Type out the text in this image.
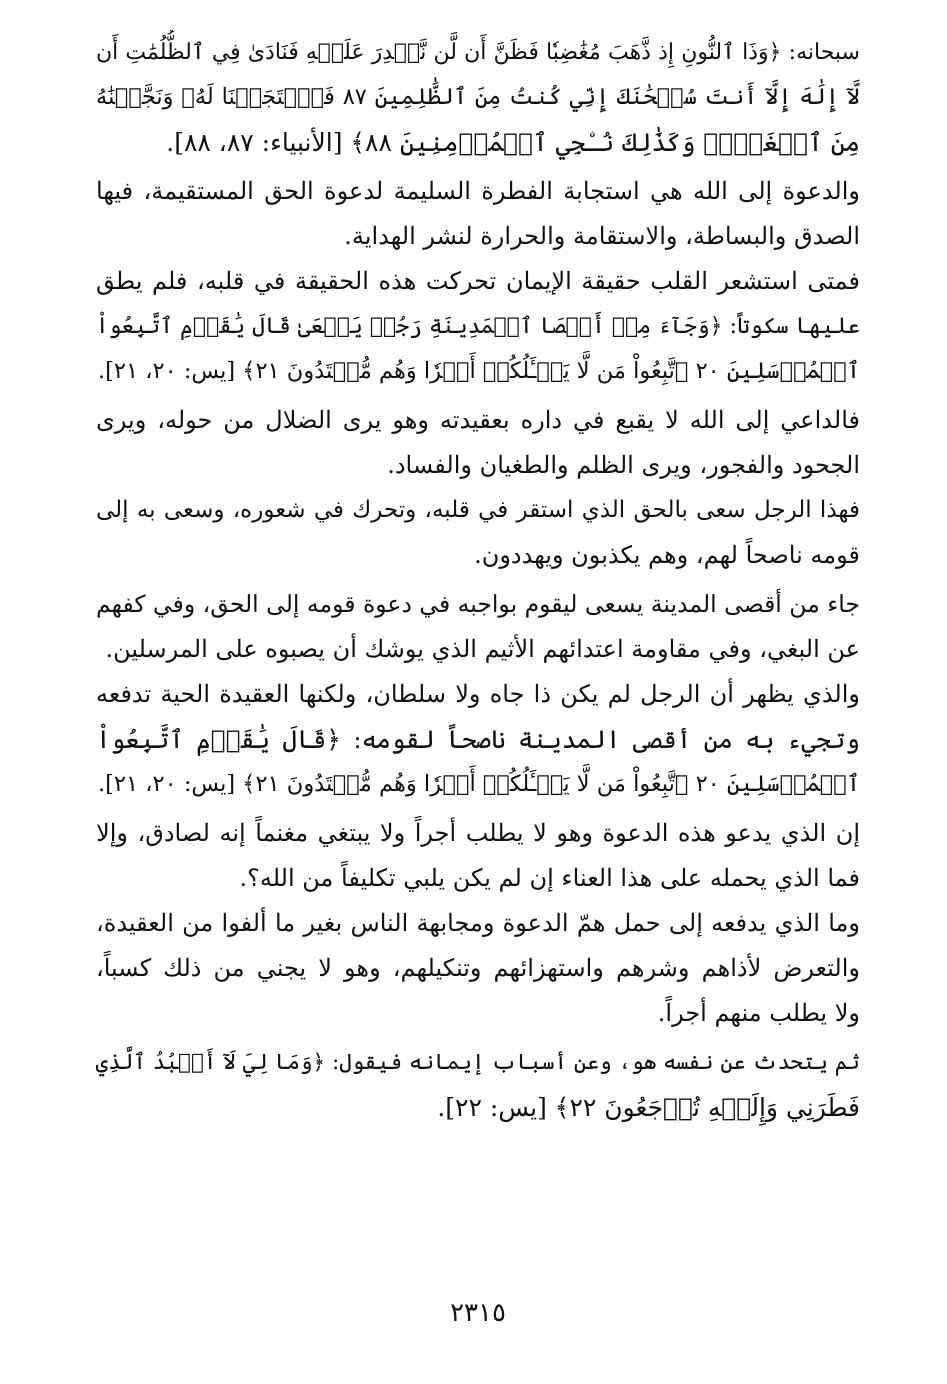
سبحانه: ﴿وَذَا ٱلنُّونِ إِذ ذَّهَبَ مُغَٰضِبٗا فَظَنَّ أَن لَّن نَّقۡدِرَ عَلَيۡهِ فَنَادَىٰ فِي ٱلظُّلُمَٰتِ أَن
لَّآ إِلَٰهَ إِلَّآ أَنتَ سُبۡحَٰنَكَ إِنِّي كُنتُ مِنَ ٱلظَّٰلِمِينَ ٨٧ فَٱسۡتَجَبۡنَا لَهُۥ وَنَجَّيۡنَٰهُ
مِنَ ٱلۡغَمِّۚ وَكَذَٰلِكَ نُـۨجِي ٱلۡمُؤۡمِنِينَ ٨٨﴾ [الأنبياء: ٨٧، ٨٨].
والدعوة إلى الله هي استجابة الفطرة السليمة لدعوة الحق المستقيمة، فيها
الصدق والبساطة، والاستقامة والحرارة لنشر الهداية.
فمتى استشعر القلب حقيقة الإيمان تحركت هذه الحقيقة في قلبه، فلم يطق
عليها سكوتاً: ﴿وَجَآءَ مِنۡ أَقۡصَا ٱلۡمَدِينَةِ رَجُلٞ يَسۡعَىٰ قَالَ يَٰقَوۡمِ ٱتَّبِعُواْ
ٱلۡمُرۡسَلِينَ ٢٠ ٱتَّبِعُواْ مَن لَّا يَسۡـَٔلُكُمۡ أَجۡرٗا وَهُم مُّهۡتَدُونَ ٢١﴾ [يس: ٢٠، ٢١].
فالداعي إلى الله لا يقبع في داره بعقيدته وهو يرى الضلال من حوله، ويرى
الجحود والفجور، ويرى الظلم والطغيان والفساد.
فهذا الرجل سعى بالحق الذي استقر في قلبه، وتحرك في شعوره، وسعى به إلى
قومه ناصحاً لهم، وهم يكذبون ويهددون.
جاء من أقصى المدينة يسعى ليقوم بواجبه في دعوة قومه إلى الحق، وفي كفهم
عن البغي، وفي مقاومة اعتدائهم الأثيم الذي يوشك أن يصبوه على المرسلين.
والذي يظهر أن الرجل لم يكن ذا جاه ولا سلطان، ولكنها العقيدة الحية تدفعه
وتجيء به من أقصى المدينة ناصحاً لقومه: ﴿قَالَ يَٰقَوۡمِ ٱتَّبِعُواْ
ٱلۡمُرۡسَلِينَ ٢٠ ٱتَّبِعُواْ مَن لَّا يَسۡـَٔلُكُمۡ أَجۡرٗا وَهُم مُّهۡتَدُونَ ٢١﴾ [يس: ٢٠، ٢١].
إن الذي يدعو هذه الدعوة وهو لا يطلب أجراً ولا يبتغي مغنماً إنه لصادق، وإلا
فما الذي يحمله على هذا العناء إن لم يكن يلبي تكليفاً من الله؟.
وما الذي يدفعه إلى حمل همّ الدعوة ومجابهة الناس بغير ما ألفوا من العقيدة،
والتعرض لأذاهم وشرهم واستهزائهم وتنكيلهم، وهو لا يجني من ذلك كسباً،
ولا يطلب منهم أجراً.
ثم يتحدث عن نفسه هو، وعن أسباب إيمانه فيقول: ﴿وَمَا لِيَ لَآ أَعۡبُدُ ٱلَّذِي
فَطَرَنِي وَإِلَيۡهِ تُرۡجَعُونَ ٢٢﴾ [يس: ٢٢].
٢٣١٥
